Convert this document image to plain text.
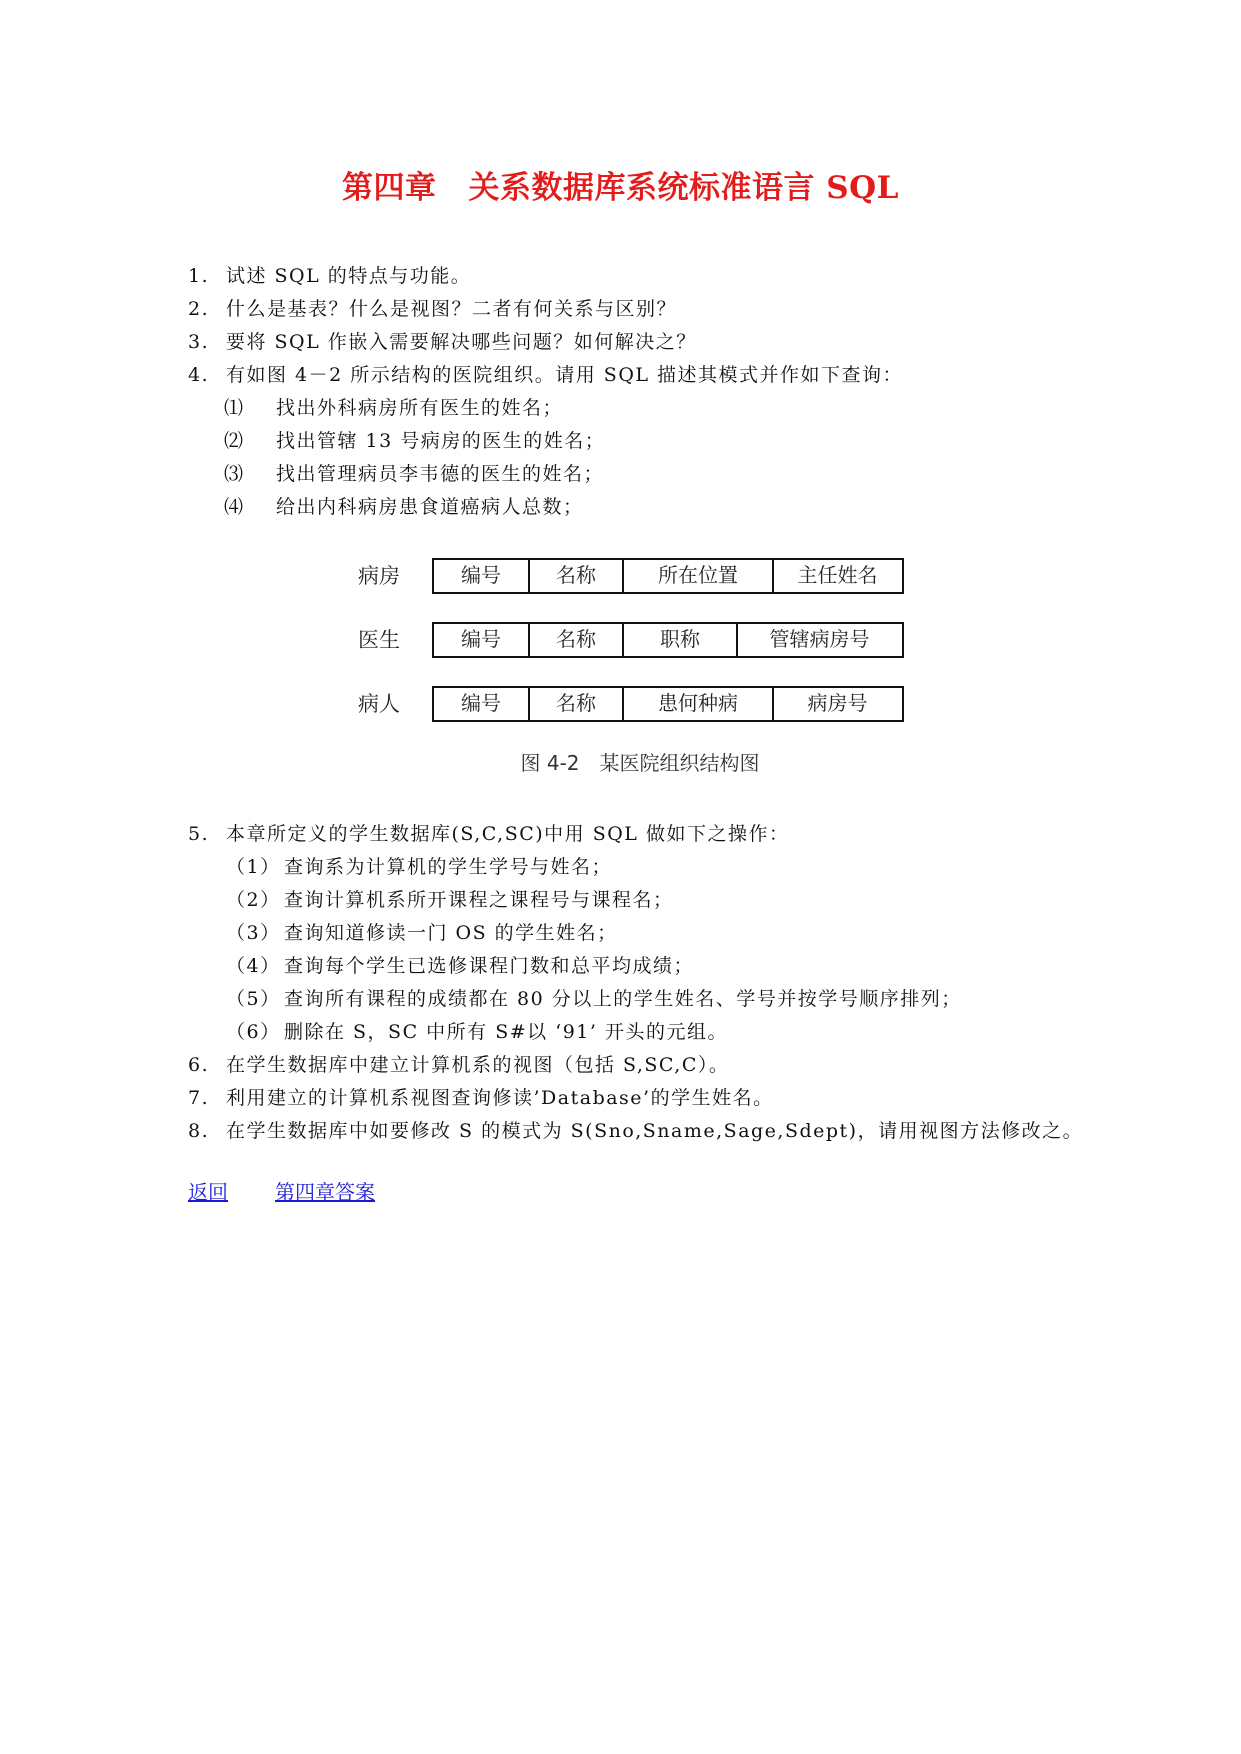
第四章 关系数据库系统标准语言 SQL
1. 试述 SQL 的特点与功能。
2. 什么是基表？什么是视图？二者有何关系与区别？
3. 要将 SQL 作嵌入需要解决哪些问题？如何解决之？
4. 有如图 4－2 所示结构的医院组织。请用 SQL 描述其模式并作如下查询：
⑴ 找出外科病房所有医生的姓名；
⑵ 找出管辖 13 号病房的医生的姓名；
⑶ 找出管理病员李韦德的医生的姓名；
⑷ 给出内科病房患食道癌病人总数；
病房	编号	名称	所在位置	主任姓名
医生	编号	名称	职称	管辖病房号
病人	编号	名称	患何种病	病房号
图 4-2　某医院组织结构图
5. 本章所定义的学生数据库(S,C,SC)中用 SQL 做如下之操作：
（1） 查询系为计算机的学生学号与姓名；
（2） 查询计算机系所开课程之课程号与课程名；
（3） 查询知道修读一门 OS 的学生姓名；
（4） 查询每个学生已选修课程门数和总平均成绩；
（5） 查询所有课程的成绩都在 80 分以上的学生姓名、学号并按学号顺序排列；
（6） 删除在 S，SC 中所有 S#以 ‘91’ 开头的元组。
6. 在学生数据库中建立计算机系的视图（包括 S,SC,C）。
7. 利用建立的计算机系视图查询修读’Database’的学生姓名。
8. 在学生数据库中如要修改 S 的模式为 S(Sno,Sname,Sage,Sdept)，请用视图方法修改之。
返回 第四章答案
